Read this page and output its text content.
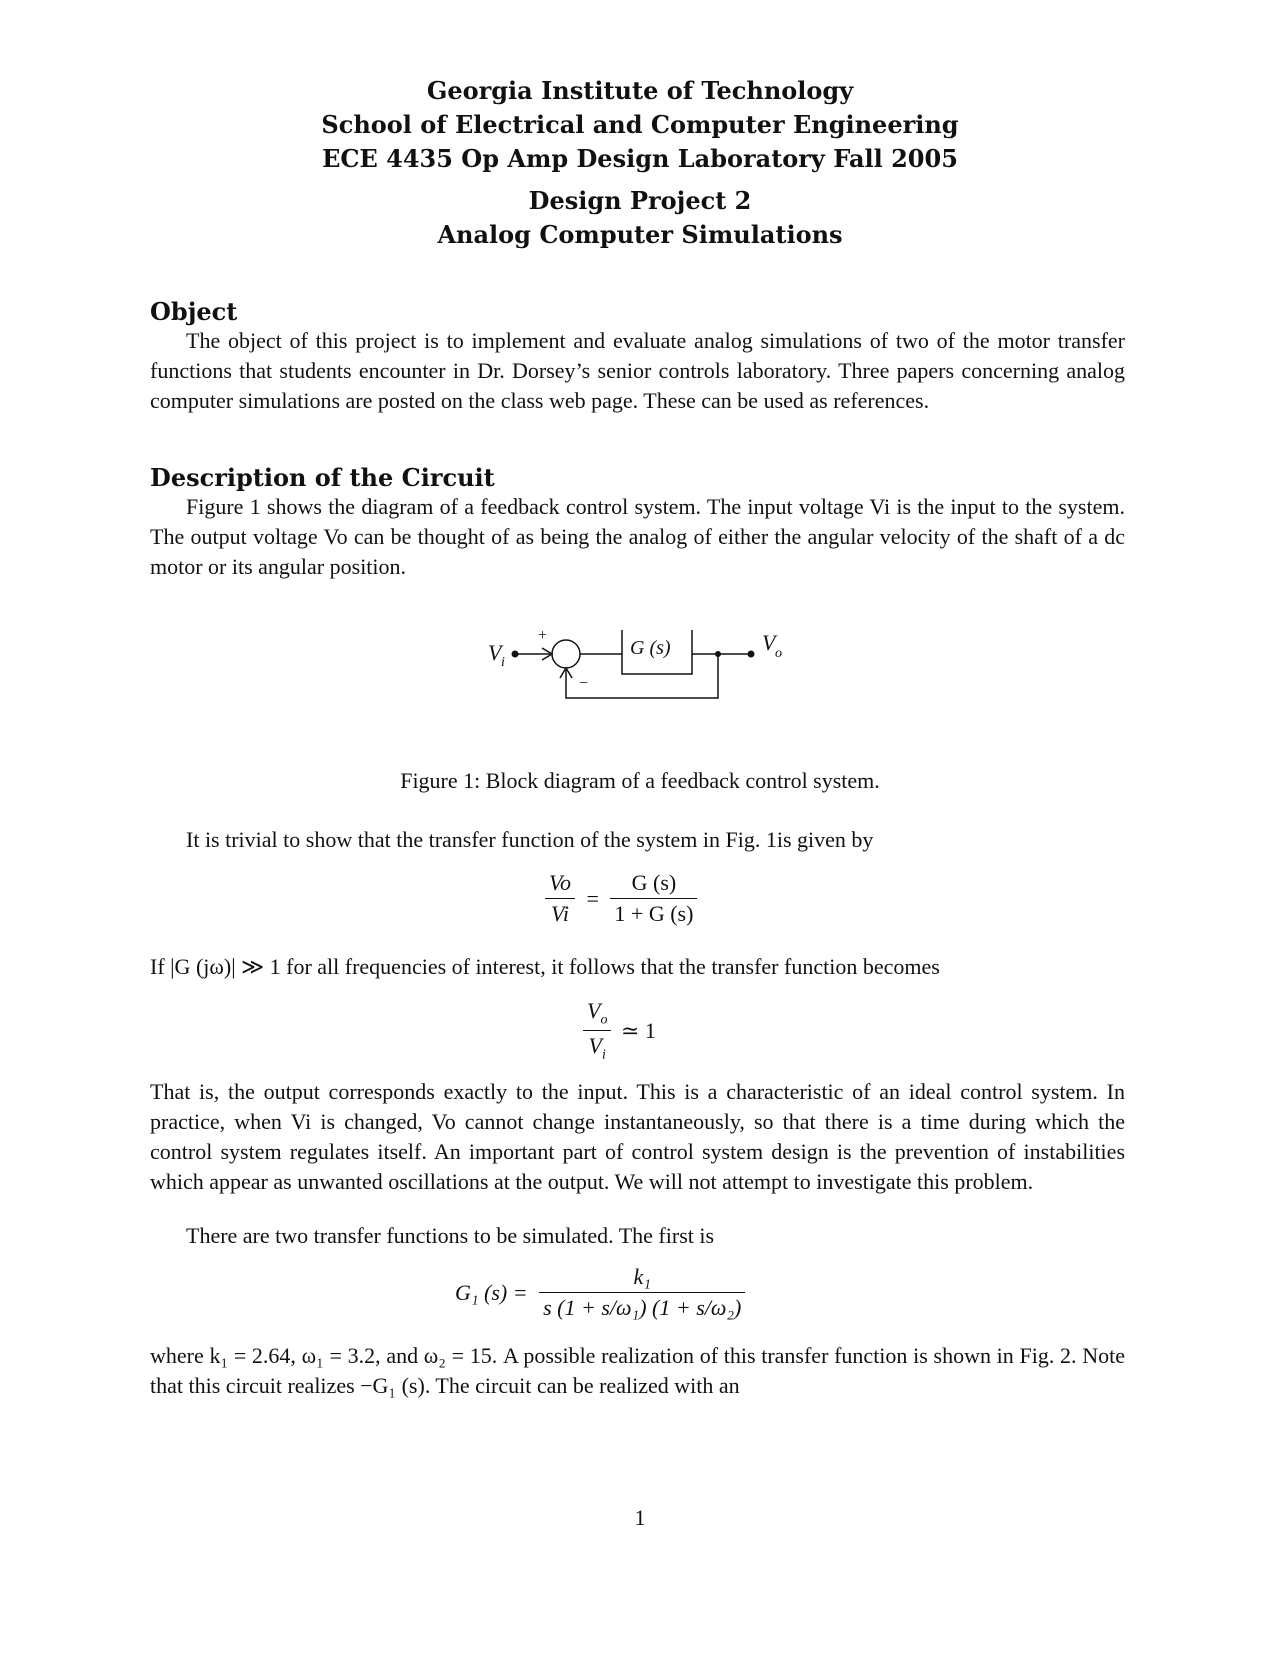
Georgia Institute of Technology
School of Electrical and Computer Engineering
ECE 4435 Op Amp Design Laboratory Fall 2005
Design Project 2
Analog Computer Simulations
Object
The object of this project is to implement and evaluate analog simulations of two of the motor transfer functions that students encounter in Dr. Dorsey’s senior controls laboratory. Three papers concerning analog computer simulations are posted on the class web page. These can be used as references.
Description of the Circuit
Figure 1 shows the diagram of a feedback control system. The input voltage Vi is the input to the system. The output voltage Vo can be thought of as being the analog of either the angular velocity of the shaft of a dc motor or its angular position.
V i
+
−
G (s)	V o
Figure 1: Block diagram of a feedback control system.
It is trivial to show that the transfer function of the system in Fig. 1is given by
$\frac{Vo}{Vi} = \frac{G (s)}{1 + G (s)}$
If |G (jω)| ≫ 1 for all frequencies of interest, it follows that the transfer function becomes
$\frac{V_o}{V_i}$ ≃ 1
That is, the output corresponds exactly to the input. This is a characteristic of an ideal control system. In practice, when Vi is changed, Vo cannot change instantaneously, so that there is a time during which the control system regulates itself. An important part of control system design is the prevention of instabilities which appear as unwanted oscillations at the output. We will not attempt to investigate this problem.
There are two transfer functions to be simulated. The first is
G₁ $(s) = \frac{\text{k₁}}{\text{s (1 + s/ω₁) (1 + s/ω₂)}}$
where k₁ = 2.64, ω₁ = 3.2, and ω₂ = 15. A possible realization of this transfer function is shown in Fig. 2. Note that this circuit realizes −G₁ (s). The circuit can be realized with an
1
